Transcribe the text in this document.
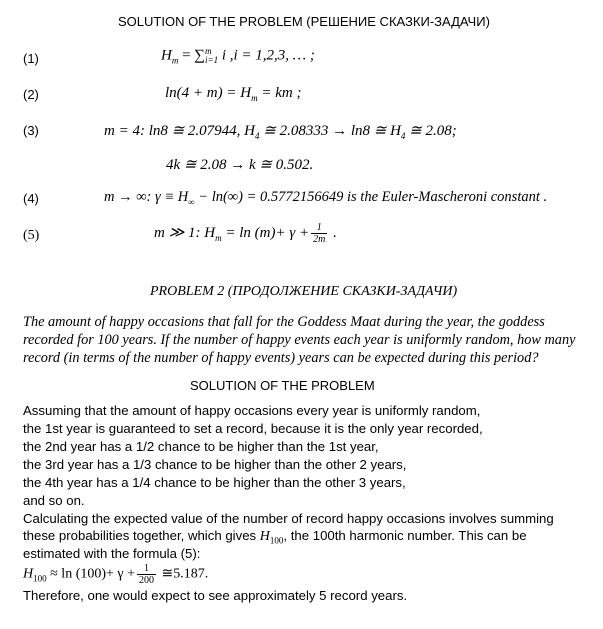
SOLUTION OF THE PROBLEM (РЕШЕНИЕ СКАЗКИ-ЗАДАЧИ)
(1)	$H_m$ = ∑ m
i=1 i ,i = 1,2,3, … ;
(2)	$\ln(4 + m) = H_m$ = km ;
(3)	m = 4: ln8 ≅ 2.07944, $H_4$ ≅ 2.08333 → ln8 ≅ $H_4$ ≅ 2.08;
4k ≅ 2.08 → k ≅ 0.502.
(4)	m → ∞: $\gamma \equiv H_\infty - \ln(\infty) = 0.5772156649$ is the Euler-Mascheroni constant .
(5)	m ≫ 1: $H_m = \ln (m)+ \gamma + \frac{1}{2m}$ .
PROBLEM 2 (ПРОДОЛЖЕНИЕ СКАЗКИ-ЗАДАЧИ)
The amount of happy occasions that fall for the Goddess Maat during the year, the goddess
recorded for 100 years. If the number of happy events each year is uniformly random, how many
record (in terms of the number of happy events) years can be expected during this period?
SOLUTION OF THE PROBLEM
Assuming that the amount of happy occasions every year is uniformly random,
the 1st year is guaranteed to set a record, because it is the only year recorded,
the 2nd year has a 1/2 chance to be higher than the 1st year,
the 3rd year has a 1/3 chance to be higher than the other 2 years,
the 4th year has a 1/4 chance to be higher than the other 3 years,
and so on.
Calculating the expected value of the number of record happy occasions involves summing
these probabilities together, which gives $H_{100}$, the 100th harmonic number. This can be
estimated with the formula (5):
$H_{100} \approx \ln (100)+ \gamma + \frac{1}{200}$ ≅5.187.
Therefore, one would expect to see approximately 5 record years.
